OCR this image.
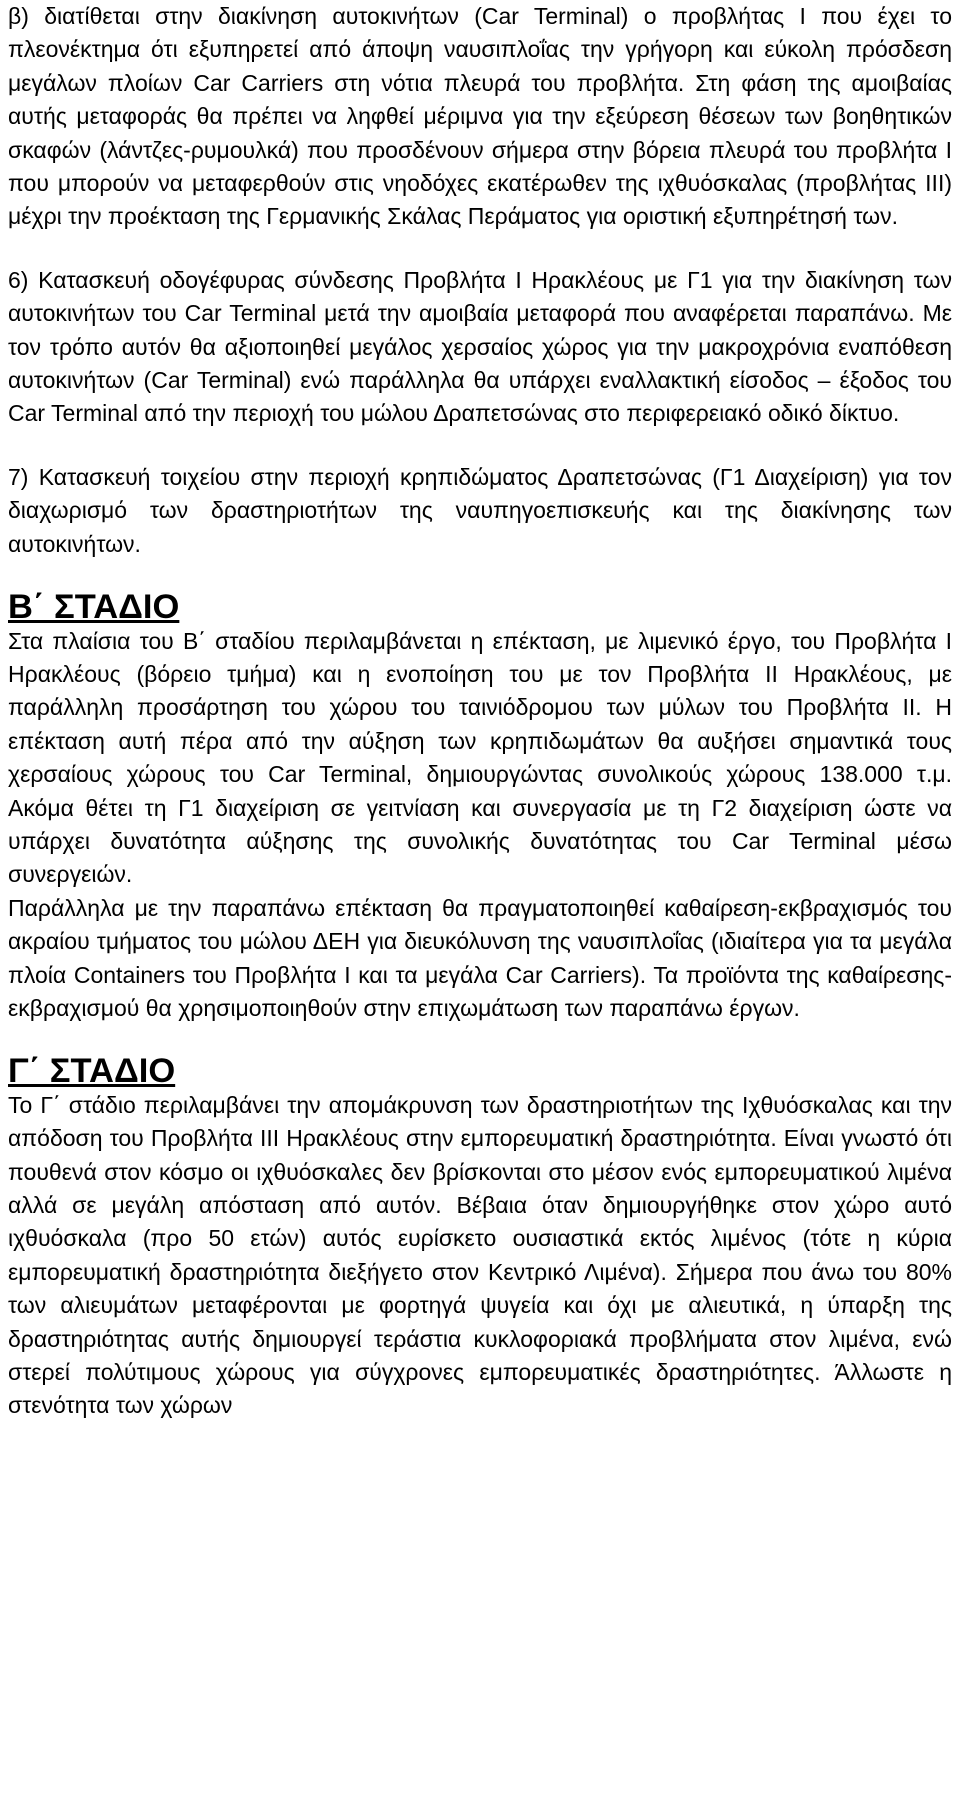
β) διατίθεται στην διακίνηση αυτοκινήτων (Car Terminal) ο προβλήτας Ι που έχει το πλεονέκτημα ότι εξυπηρετεί από άποψη ναυσιπλοΐας την γρήγορη και εύκολη πρόσδεση μεγάλων πλοίων Car Carriers στη νότια πλευρά του προβλήτα. Στη φάση της αμοιβαίας αυτής μεταφοράς θα πρέπει να ληφθεί μέριμνα για την εξεύρεση θέσεων των βοηθητικών σκαφών (λάντζες-ρυμουλκά) που προσδένουν σήμερα στην βόρεια πλευρά του προβλήτα Ι που μπορούν να μεταφερθούν στις νηοδόχες εκατέρωθεν της ιχθυόσκαλας (προβλήτας ΙΙΙ) μέχρι την προέκταση της Γερμανικής Σκάλας Περάματος για οριστική εξυπηρέτησή των.

6) Κατασκευή οδογέφυρας σύνδεσης Προβλήτα Ι Ηρακλέους με Γ1 για την διακίνηση των αυτοκινήτων του Car Terminal μετά την αμοιβαία μεταφορά που αναφέρεται παραπάνω. Με τον τρόπο αυτόν θα αξιοποιηθεί μεγάλος χερσαίος χώρος για την μακροχρόνια εναπόθεση αυτοκινήτων (Car Terminal) ενώ παράλληλα θα υπάρχει εναλλακτική είσοδος – έξοδος του Car Terminal από την περιοχή του μώλου Δραπετσώνας στο περιφερειακό οδικό δίκτυο.

7) Κατασκευή τοιχείου στην περιοχή κρηπιδώματος Δραπετσώνας (Γ1 Διαχείριση) για τον διαχωρισμό των δραστηριοτήτων της ναυπηγοεπισκευής και της διακίνησης των αυτοκινήτων.

Β΄ ΣΤΑΔΙΟ

Στα πλαίσια του Β΄ σταδίου περιλαμβάνεται η επέκταση, με λιμενικό έργο, του Προβλήτα Ι Ηρακλέους (βόρειο τμήμα) και η ενοποίηση του με τον Προβλήτα ΙΙ Ηρακλέους, με παράλληλη προσάρτηση του χώρου του ταινιόδρομου των μύλων του Προβλήτα ΙΙ. Η επέκταση αυτή πέρα από την αύξηση των κρηπιδωμάτων θα αυξήσει σημαντικά τους χερσαίους χώρους του Car Terminal, δημιουργώντας συνολικούς χώρους 138.000 τ.μ. Ακόμα θέτει τη Γ1 διαχείριση σε γειτνίαση και συνεργασία με τη Γ2 διαχείριση ώστε να υπάρχει δυνατότητα αύξησης της συνολικής δυνατότητας του Car Terminal μέσω συνεργειών.

Παράλληλα με την παραπάνω επέκταση θα πραγματοποιηθεί καθαίρεση-εκβραχισμός του ακραίου τμήματος του μώλου ΔΕΗ για διευκόλυνση της ναυσιπλοΐας (ιδιαίτερα για τα μεγάλα πλοία Containers του Προβλήτα Ι και τα μεγάλα Car Carriers). Τα προϊόντα της καθαίρεσης-εκβραχισμού θα χρησιμοποιηθούν στην επιχωμάτωση των παραπάνω έργων.

Γ΄ ΣΤΑΔΙΟ

Το Γ΄ στάδιο περιλαμβάνει την απομάκρυνση των δραστηριοτήτων της Ιχθυόσκαλας και την απόδοση του Προβλήτα ΙΙΙ Ηρακλέους στην εμπορευματική δραστηριότητα. Είναι γνωστό ότι πουθενά στον κόσμο οι ιχθυόσκαλες δεν βρίσκονται στο μέσον ενός εμπορευματικού λιμένα αλλά σε μεγάλη απόσταση από αυτόν. Βέβαια όταν δημιουργήθηκε στον χώρο αυτό ιχθυόσκαλα (προ 50 ετών) αυτός ευρίσκετο ουσιαστικά εκτός λιμένος (τότε η κύρια εμπορευματική δραστηριότητα διεξήγετο στον Κεντρικό Λιμένα). Σήμερα που άνω του 80% των αλιευμάτων μεταφέρονται με φορτηγά ψυγεία και όχι με αλιευτικά, η ύπαρξη της δραστηριότητας αυτής δημιουργεί τεράστια κυκλοφοριακά προβλήματα στον λιμένα, ενώ στερεί πολύτιμους χώρους για σύγχρονες εμπορευματικές δραστηριότητες. Άλλωστε η στενότητα των χώρων
